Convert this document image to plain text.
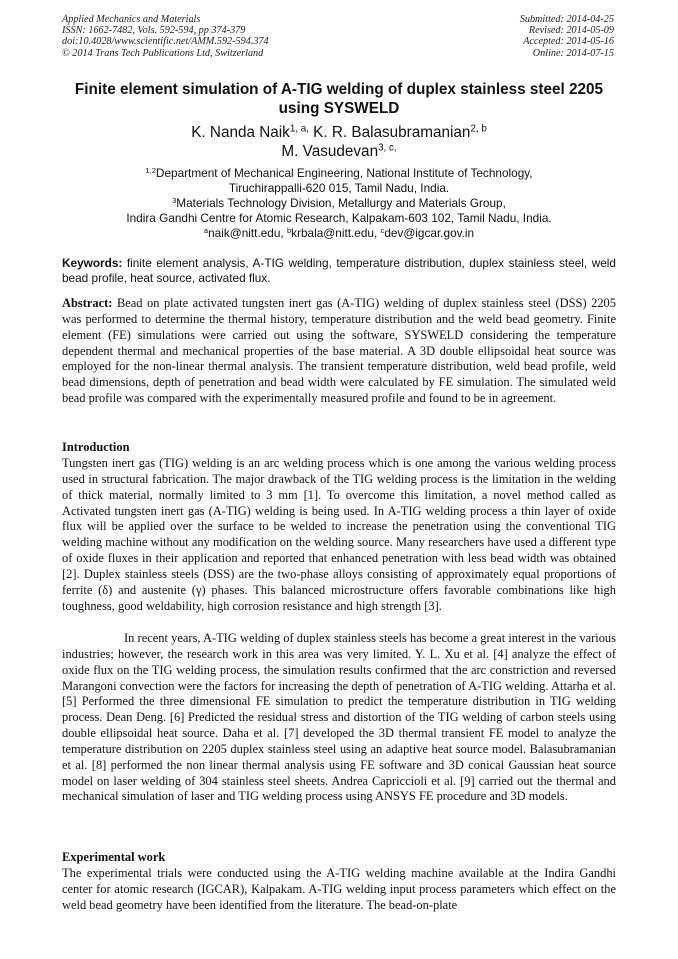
Applied Mechanics and Materials
ISSN: 1662-7482, Vols. 592-594, pp 374-379
doi:10.4028/www.scientific.net/AMM.592-594.374
© 2014 Trans Tech Publications Ltd, Switzerland
Submitted: 2014-04-25
Revised: 2014-05-09
Accepted: 2014-05-16
Online: 2014-07-15
Finite element simulation of A-TIG welding of duplex stainless steel 2205 using SYSWELD
K. Nanda Naik$^{1, a,}$ K. R. Balasubramanian$^{2, b}$
M. Vasudevan$^{3, c,}$
$^{1,2}$Department of Mechanical Engineering, National Institute of Technology,
Tiruchirappalli-620 015, Tamil Nadu, India.
$^3$Materials Technology Division, Metallurgy and Materials Group,
Indira Gandhi Centre for Atomic Research, Kalpakam-603 102, Tamil Nadu, India.
$^a$naik@nitt.edu, $^b$krbala@nitt.edu, $^c$dev@igcar.gov.in
Keywords: finite element analysis, A-TIG welding, temperature distribution, duplex stainless steel, weld bead profile, heat source, activated flux.
Abstract: Bead on plate activated tungsten inert gas (A-TIG) welding of duplex stainless steel (DSS) 2205 was performed to determine the thermal history, temperature distribution and the weld bead geometry. Finite element (FE) simulations were carried out using the software, SYSWELD considering the temperature dependent thermal and mechanical properties of the base material. A 3D double ellipsoidal heat source was employed for the non-linear thermal analysis. The transient temperature distribution, weld bead profile, weld bead dimensions, depth of penetration and bead width were calculated by FE simulation. The simulated weld bead profile was compared with the experimentally measured profile and found to be in agreement.
Introduction
Tungsten inert gas (TIG) welding is an arc welding process which is one among the various welding process used in structural fabrication. The major drawback of the TIG welding process is the limitation in the welding of thick material, normally limited to 3 mm [1]. To overcome this limitation, a novel method called as Activated tungsten inert gas (A-TIG) welding is being used. In A-TIG welding process a thin layer of oxide flux will be applied over the surface to be welded to increase the penetration using the conventional TIG welding machine without any modification on the welding source. Many researchers have used a different type of oxide fluxes in their application and reported that enhanced penetration with less bead width was obtained [2]. Duplex stainless steels (DSS) are the two-phase alloys consisting of approximately equal proportions of ferrite (δ) and austenite (γ) phases. This balanced microstructure offers favorable combinations like high toughness, good weldability, high corrosion resistance and high strength [3].
In recent years, A-TIG welding of duplex stainless steels has become a great interest in the various industries; however, the research work in this area was very limited. Y. L. Xu et al. [4] analyze the effect of oxide flux on the TIG welding process, the simulation results confirmed that the arc constriction and reversed Marangoni convection were the factors for increasing the depth of penetration of A-TIG welding. Attarha et al. [5] Performed the three dimensional FE simulation to predict the temperature distribution in TIG welding process. Dean Deng. [6] Predicted the residual stress and distortion of the TIG welding of carbon steels using double ellipsoidal heat source. Daha et al. [7] developed the 3D thermal transient FE model to analyze the temperature distribution on 2205 duplex stainless steel using an adaptive heat source model. Balasubramanian et al. [8] performed the non linear thermal analysis using FE software and 3D conical Gaussian heat source model on laser welding of 304 stainless steel sheets. Andrea Capriccioli et al. [9] carried out the thermal and mechanical simulation of laser and TIG welding process using ANSYS FE procedure and 3D models.
Experimental work
The experimental trials were conducted using the A-TIG welding machine available at the Indira Gandhi center for atomic research (IGCAR), Kalpakam. A-TIG welding input process parameters which effect on the weld bead geometry have been identified from the literature. The bead-on-plate
